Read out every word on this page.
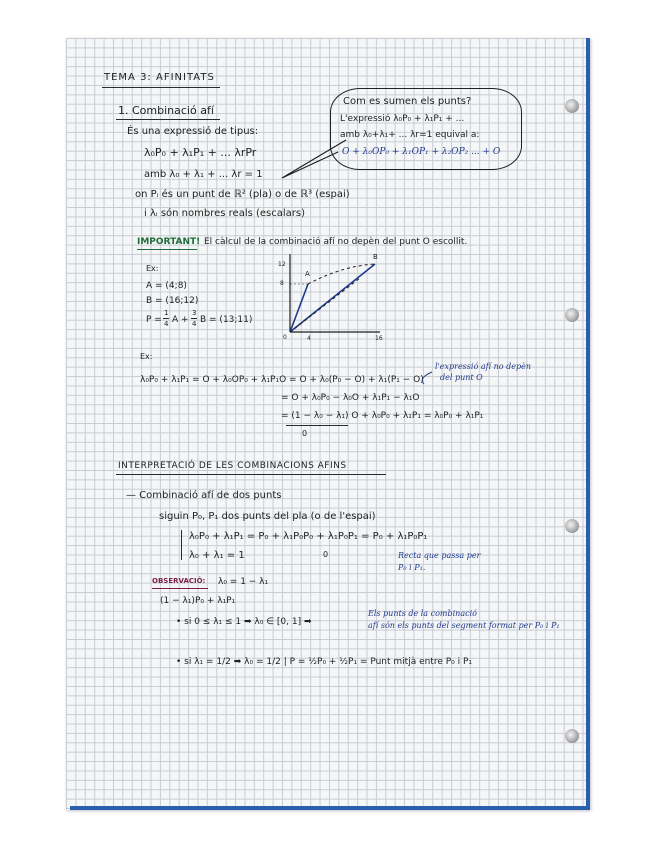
TEMA 3: AFINITATS
1. Combinació afí
És una expressió de tipus:
λ₀P₀ + λ₁P₁ + ... λrPr
amb λ₀ + λ₁ + ... λr = 1
on Pᵢ és un punt de ℝ² (pla) o de ℝ³ (espai)
i λᵢ són nombres reals (escalars)
Com es sumen els punts?
L'expressió λ₀P₀ + λ₁P₁ + ...
amb λ₀+λ₁+ ... λr=1 equival a:
O + λ₀OP₀ + λ₁OP₁ + λ₂OP₂ ... + O
IMPORTANT! El càlcul de la combinació afí no depèn del punt O escollit.
Ex:
A = (4;8)
B = (16;12)
P =
1
4 A +
3
4 B = (13;11)
A
B
8
12
4	16
0
Ex:
λ₀P₀ + λ₁P₁ = O + λ₀OP₀ + λ₁P₁O = O + λ₀(P₀ − O) + λ₁(P₁ − O)
= O + λ₀P₀ − λ₀O + λ₁P₁ − λ₁O
= (1 − λ₀ − λ₁) O + λ₀P₀ + λ₁P₁ = λ₀P₀ + λ₁P₁
0
l'expressió afí no depèn
del punt O
INTERPRETACIÓ DE LES COMBINACIONS AFINS
— Combinació afí de dos punts
siguin P₀, P₁ dos punts del pla (o de l'espai)
λ₀P₀ + λ₁P₁ = P₀ + λ₁P₀P₀ + λ₁P₀P₁ = P₀ + λ₁P₀P₁
λ₀ + λ₁ = 1	0	Recta que passa per
P₀ i P₁.
OBSERVACIÓ: λ₀ = 1 − λ₁
(1 − λ₁)P₀ + λ₁P₁
• si 0 ≤ λ₁ ≤ 1 ➡ λ₀ ∈ [0, 1] ➡
Els punts de la combinació
afí són els punts del segment format per P₀ i P₁
• si λ₁ = 1/2 ➡ λ₀ = 1/2 | P = ½P₀ + ½P₁ = Punt mitjà entre P₀ i P₁
